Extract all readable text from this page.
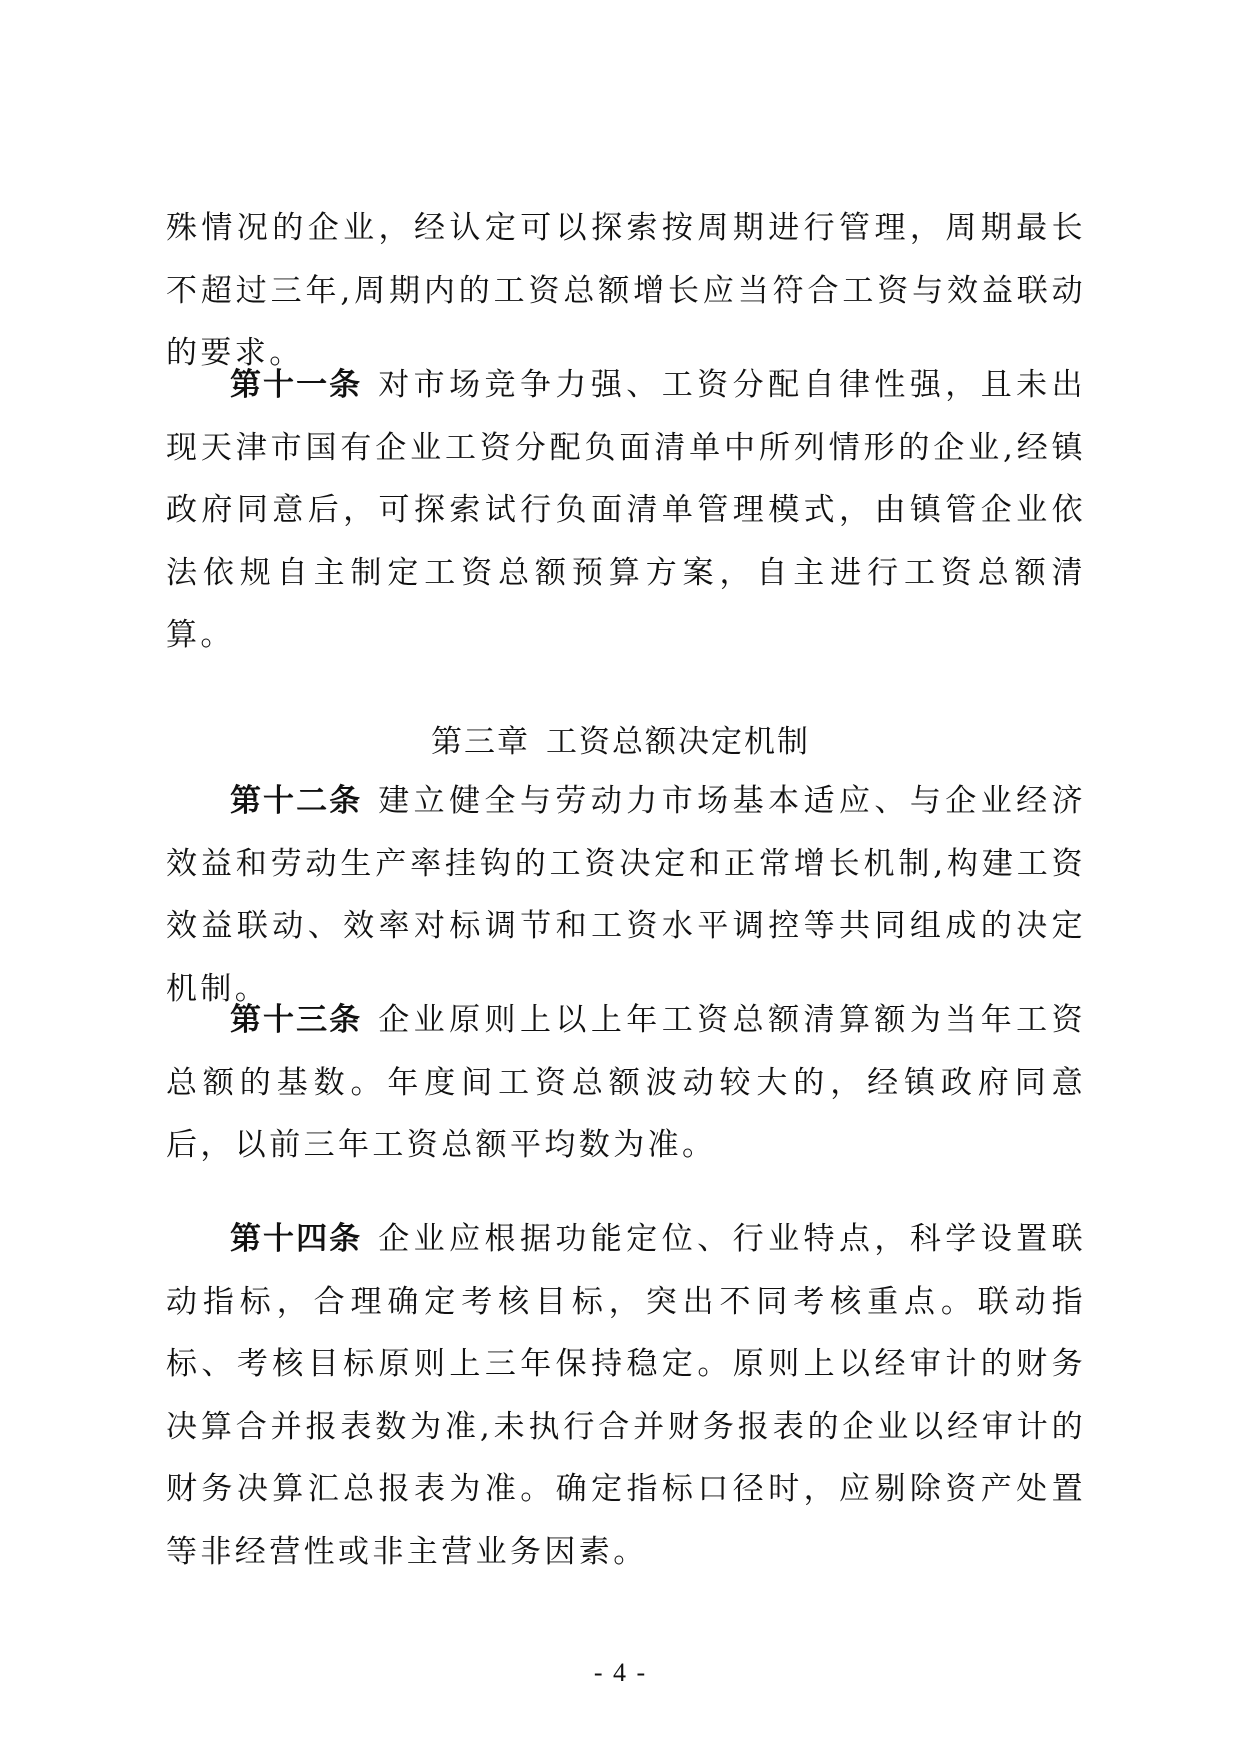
殊情况的企业，经认定可以探索按周期进行管理，周期最长不超过三年,周期内的工资总额增长应当符合工资与效益联动的要求。

第十一条 对市场竞争力强、工资分配自律性强，且未出现天津市国有企业工资分配负面清单中所列情形的企业,经镇政府同意后，可探索试行负面清单管理模式，由镇管企业依法依规自主制定工资总额预算方案，自主进行工资总额清算。

第三章 工资总额决定机制

第十二条 建立健全与劳动力市场基本适应、与企业经济效益和劳动生产率挂钩的工资决定和正常增长机制,构建工资效益联动、效率对标调节和工资水平调控等共同组成的决定机制。

第十三条 企业原则上以上年工资总额清算额为当年工资总额的基数。年度间工资总额波动较大的，经镇政府同意后，以前三年工资总额平均数为准。

第十四条 企业应根据功能定位、行业特点，科学设置联动指标，合理确定考核目标，突出不同考核重点。联动指标、考核目标原则上三年保持稳定。原则上以经审计的财务决算合并报表数为准,未执行合并财务报表的企业以经审计的财务决算汇总报表为准。确定指标口径时，应剔除资产处置等非经营性或非主营业务因素。

- 4 -
